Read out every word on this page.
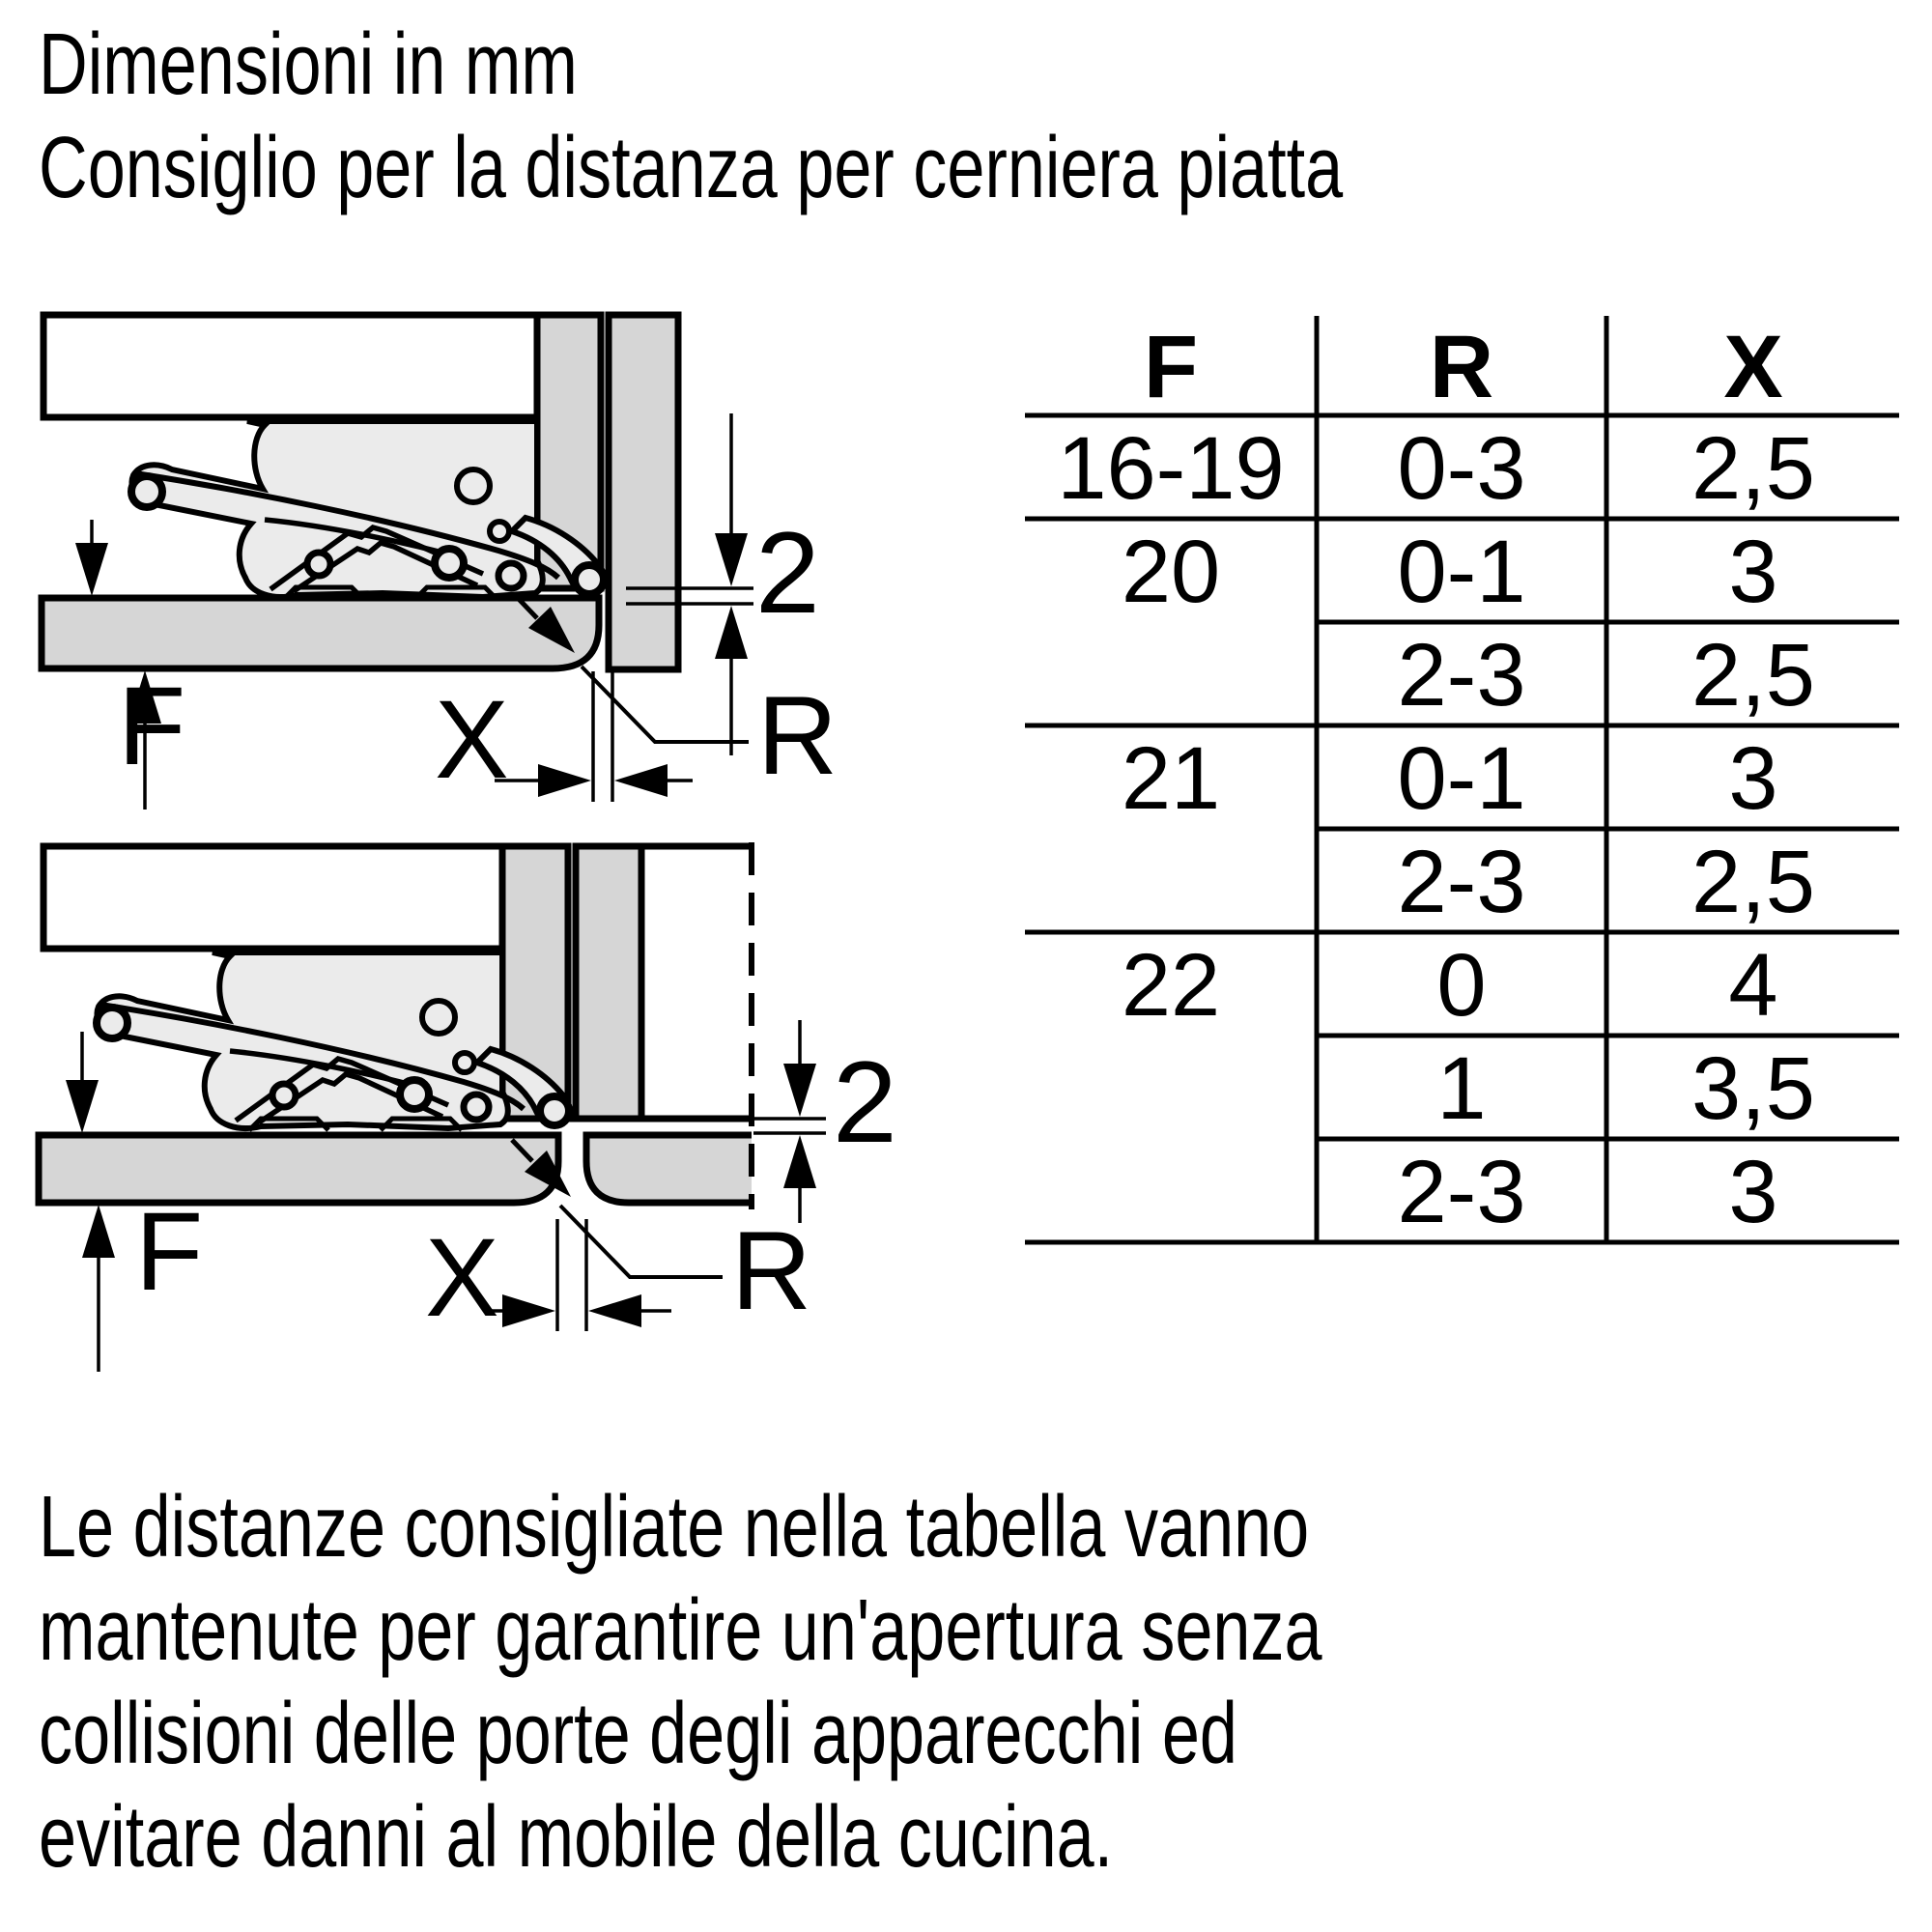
Dimensioni in mm
Consiglio per la distanza per cerniera piatta
2
F X R
2
F X R
F	R	X
16-19
20
21
22
0-3
0-1
2-3
0-1
2-3
0
1
2-3
2,5
3
2,5
3
2,5
4
3,5
3
Le distanze consigliate nella tabella vanno
mantenute per garantire un'apertura senza
collisioni delle porte degli apparecchi ed
evitare danni al mobile della cucina.
